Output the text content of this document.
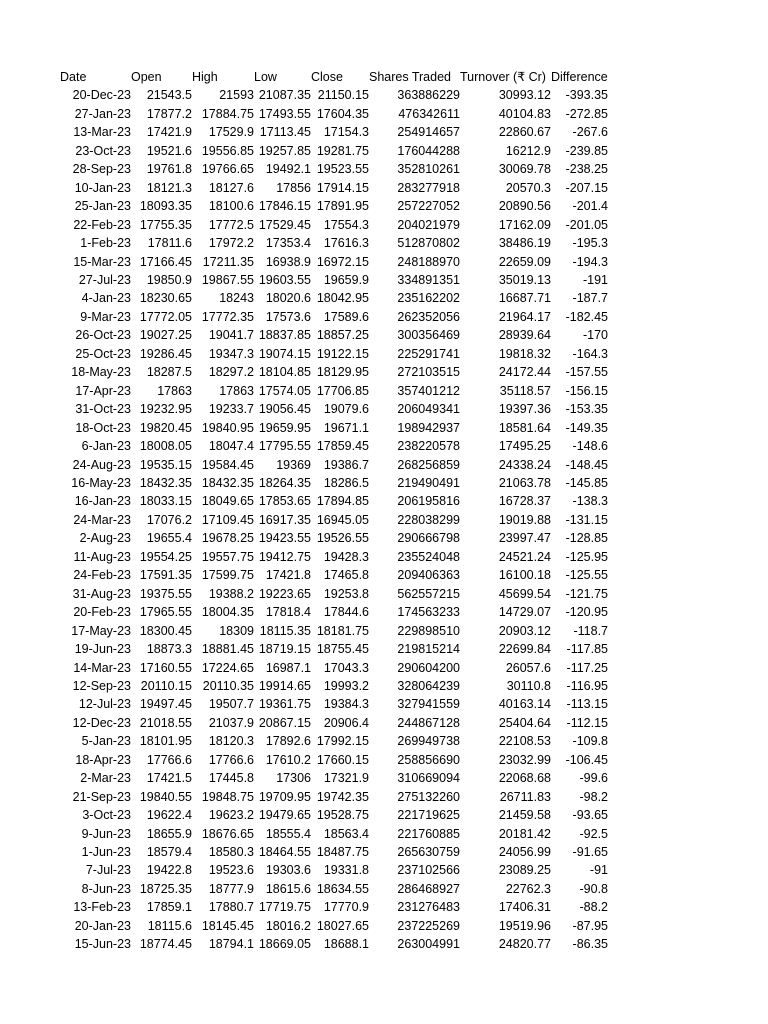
Date	Open	High	Low	Close	Shares Traded	Turnover (₹ Cr)	Difference
20-Dec-23	21543.5	21593	21087.35	21150.15	363886229	30993.12	-393.35
27-Jan-23	17877.2	17884.75	17493.55	17604.35	476342611	40104.83	-272.85
13-Mar-23	17421.9	17529.9	17113.45	17154.3	254914657	22860.67	-267.6
23-Oct-23	19521.6	19556.85	19257.85	19281.75	176044288	16212.9	-239.85
28-Sep-23	19761.8	19766.65	19492.1	19523.55	352810261	30069.78	-238.25
10-Jan-23	18121.3	18127.6	17856	17914.15	283277918	20570.3	-207.15
25-Jan-23	18093.35	18100.6	17846.15	17891.95	257227052	20890.56	-201.4
22-Feb-23	17755.35	17772.5	17529.45	17554.3	204021979	17162.09	-201.05
1-Feb-23	17811.6	17972.2	17353.4	17616.3	512870802	38486.19	-195.3
15-Mar-23	17166.45	17211.35	16938.9	16972.15	248188970	22659.09	-194.3
27-Jul-23	19850.9	19867.55	19603.55	19659.9	334891351	35019.13	-191
4-Jan-23	18230.65	18243	18020.6	18042.95	235162202	16687.71	-187.7
9-Mar-23	17772.05	17772.35	17573.6	17589.6	262352056	21964.17	-182.45
26-Oct-23	19027.25	19041.7	18837.85	18857.25	300356469	28939.64	-170
25-Oct-23	19286.45	19347.3	19074.15	19122.15	225291741	19818.32	-164.3
18-May-23	18287.5	18297.2	18104.85	18129.95	272103515	24172.44	-157.55
17-Apr-23	17863	17863	17574.05	17706.85	357401212	35118.57	-156.15
31-Oct-23	19232.95	19233.7	19056.45	19079.6	206049341	19397.36	-153.35
18-Oct-23	19820.45	19840.95	19659.95	19671.1	198942937	18581.64	-149.35
6-Jan-23	18008.05	18047.4	17795.55	17859.45	238220578	17495.25	-148.6
24-Aug-23	19535.15	19584.45	19369	19386.7	268256859	24338.24	-148.45
16-May-23	18432.35	18432.35	18264.35	18286.5	219490491	21063.78	-145.85
16-Jan-23	18033.15	18049.65	17853.65	17894.85	206195816	16728.37	-138.3
24-Mar-23	17076.2	17109.45	16917.35	16945.05	228038299	19019.88	-131.15
2-Aug-23	19655.4	19678.25	19423.55	19526.55	290666798	23997.47	-128.85
11-Aug-23	19554.25	19557.75	19412.75	19428.3	235524048	24521.24	-125.95
24-Feb-23	17591.35	17599.75	17421.8	17465.8	209406363	16100.18	-125.55
31-Aug-23	19375.55	19388.2	19223.65	19253.8	562557215	45699.54	-121.75
20-Feb-23	17965.55	18004.35	17818.4	17844.6	174563233	14729.07	-120.95
17-May-23	18300.45	18309	18115.35	18181.75	229898510	20903.12	-118.7
19-Jun-23	18873.3	18881.45	18719.15	18755.45	219815214	22699.84	-117.85
14-Mar-23	17160.55	17224.65	16987.1	17043.3	290604200	26057.6	-117.25
12-Sep-23	20110.15	20110.35	19914.65	19993.2	328064239	30110.8	-116.95
12-Jul-23	19497.45	19507.7	19361.75	19384.3	327941559	40163.14	-113.15
12-Dec-23	21018.55	21037.9	20867.15	20906.4	244867128	25404.64	-112.15
5-Jan-23	18101.95	18120.3	17892.6	17992.15	269949738	22108.53	-109.8
18-Apr-23	17766.6	17766.6	17610.2	17660.15	258856690	23032.99	-106.45
2-Mar-23	17421.5	17445.8	17306	17321.9	310669094	22068.68	-99.6
21-Sep-23	19840.55	19848.75	19709.95	19742.35	275132260	26711.83	-98.2
3-Oct-23	19622.4	19623.2	19479.65	19528.75	221719625	21459.58	-93.65
9-Jun-23	18655.9	18676.65	18555.4	18563.4	221760885	20181.42	-92.5
1-Jun-23	18579.4	18580.3	18464.55	18487.75	265630759	24056.99	-91.65
7-Jul-23	19422.8	19523.6	19303.6	19331.8	237102566	23089.25	-91
8-Jun-23	18725.35	18777.9	18615.6	18634.55	286468927	22762.3	-90.8
13-Feb-23	17859.1	17880.7	17719.75	17770.9	231276483	17406.31	-88.2
20-Jan-23	18115.6	18145.45	18016.2	18027.65	237225269	19519.96	-87.95
15-Jun-23	18774.45	18794.1	18669.05	18688.1	263004991	24820.77	-86.35
